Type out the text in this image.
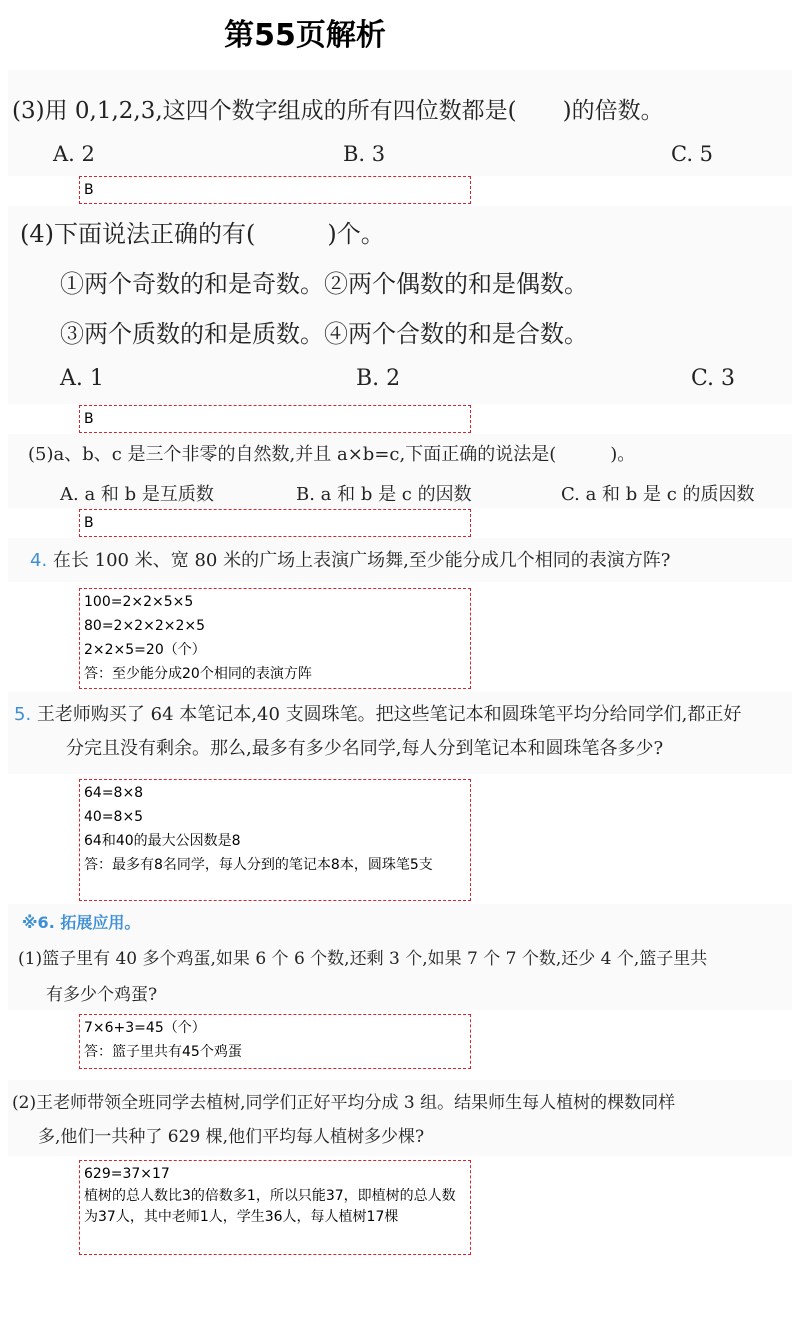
第55页解析
(3)用 0,1,2,3,这四个数字组成的所有四位数都是(　　)的倍数。
A. 2	B. 3	C. 5
B
(4)下面说法正确的有(　　　)个。
①两个奇数的和是奇数。②两个偶数的和是偶数。
③两个质数的和是质数。④两个合数的和是合数。
A. 1	B. 2	C. 3
B
(5)a、b、c 是三个非零的自然数,并且 a×b=c,下面正确的说法是(　　　)。
A. a 和 b 是互质数	B. a 和 b 是 c 的因数	C. a 和 b 是 c 的质因数
B
4. 在长 100 米、宽 80 米的广场上表演广场舞,至少能分成几个相同的表演方阵?
100=2×2×5×5
80=2×2×2×2×5
2×2×5=20（个）
答：至少能分成20个相同的表演方阵
5. 王老师购买了 64 本笔记本,40 支圆珠笔。把这些笔记本和圆珠笔平均分给同学们,都正好
分完且没有剩余。那么,最多有多少名同学,每人分到笔记本和圆珠笔各多少?
64=8×8
40=8×5
64和40的最大公因数是8
答：最多有8名同学，每人分到的笔记本8本，圆珠笔5支
※6. 拓展应用。
(1)篮子里有 40 多个鸡蛋,如果 6 个 6 个数,还剩 3 个,如果 7 个 7 个数,还少 4 个,篮子里共
有多少个鸡蛋?
7×6+3=45（个）
答：篮子里共有45个鸡蛋
(2)王老师带领全班同学去植树,同学们正好平均分成 3 组。结果师生每人植树的棵数同样
多,他们一共种了 629 棵,他们平均每人植树多少棵?
629=37×17
植树的总人数比3的倍数多1，所以只能37，即植树的总人数为37人，其中老师1人，学生36人，每人植树17棵
